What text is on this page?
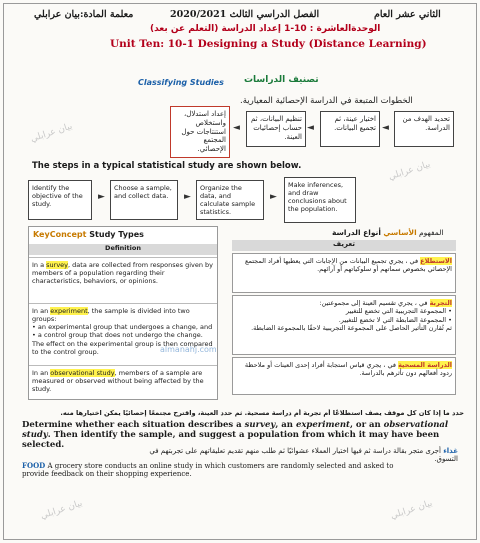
الثاني عشر العام
الفصل الدراسي الثالث 2020/2021
معلمة المادة:بيان عرابلي
الوحدةالعاشرة : 10-1 إعداد الدراسة (التعلم عن بعد)
Unit Ten: 10-1 Designing a Study (Distance Learning)
Classifying Studies تصنيف الدراسات
الخطوات المتبعة في الدراسة الإحصائية المعيارية.
تحديد الهدف من الدراسة.
◄
اختيار عينة، ثم تجميع البيانات.
◄
تنظيم البيانات، ثم حساب إحصائيات العينة.
◄
إعداد استدلال، واستخلاص استنتاجات حول المجتمع الإحصائي.
The steps in a typical statistical study are shown below.
Identify the objective of the study.
►
Choose a sample, and collect data.	►
Organize the data, and calculate sample statistics.
►
Make inferences, and draw conclusions about the population.
KeyConcept Study Types
Definition
In a survey, data are collected from responses given by members of a population regarding their characteristics, behaviors, or opinions.
In an experiment, the sample is divided into two groups:
• an experimental group that undergoes a change, and
• a control group that does not undergo the change.
The effect on the experimental group is then compared to the control group.
In an observational study, members of a sample are measured or observed without being affected by the study.
المفهوم الأساسي أنواع الدراسة
تعريف
الاستطلاع في ، يجري تجميع البيانات من الإجابات التي يعطيها أفراد المجتمع الإحصائي بخصوص سماتهم أو سلوكياتهم أو آرائهم.
التجربة في ، يجري تقسيم العينة إلى مجموعتين:
• المجموعة التجريبية التي تخضع للتغيير
• المجموعة الضابطة التي لا تخضع للتغيير.
ثم تُقارن التأثير الحاصل على المجموعة التجريبية لاحقًا بالمجموعة الضابطة.
الدراسة المسحية في ، يجري قياس استجابة أفراد إحدى العينات أو ملاحظة ردود أفعالهم دون تأثرهم بالدراسة.
حدد ما إذا كان كل موقف يصف استطلاعًا أم تجربة أم دراسة مسحية. ثم حدد العينة، واقترح مجتمعًا إحصائيًا يمكن اختيارها منه.
Determine whether each situation describes a survey, an experiment, or an observational study. Then identify the sample, and suggest a population from which it may have been selected.
غذاء أجرى متجر بقالة دراسة ثم فيها اختيار العملاء عشوائيًا ثم طلب منهم تقديم تعليقاتهم على تجربتهم في التسوق.
FOOD A grocery store conducts an online study in which customers are randomly selected and asked to provide feedback on their shopping experience.
بيان عرابلي
بيان عرابلي
بيان عرابلي	بيان عرابلي
almanahj.com
